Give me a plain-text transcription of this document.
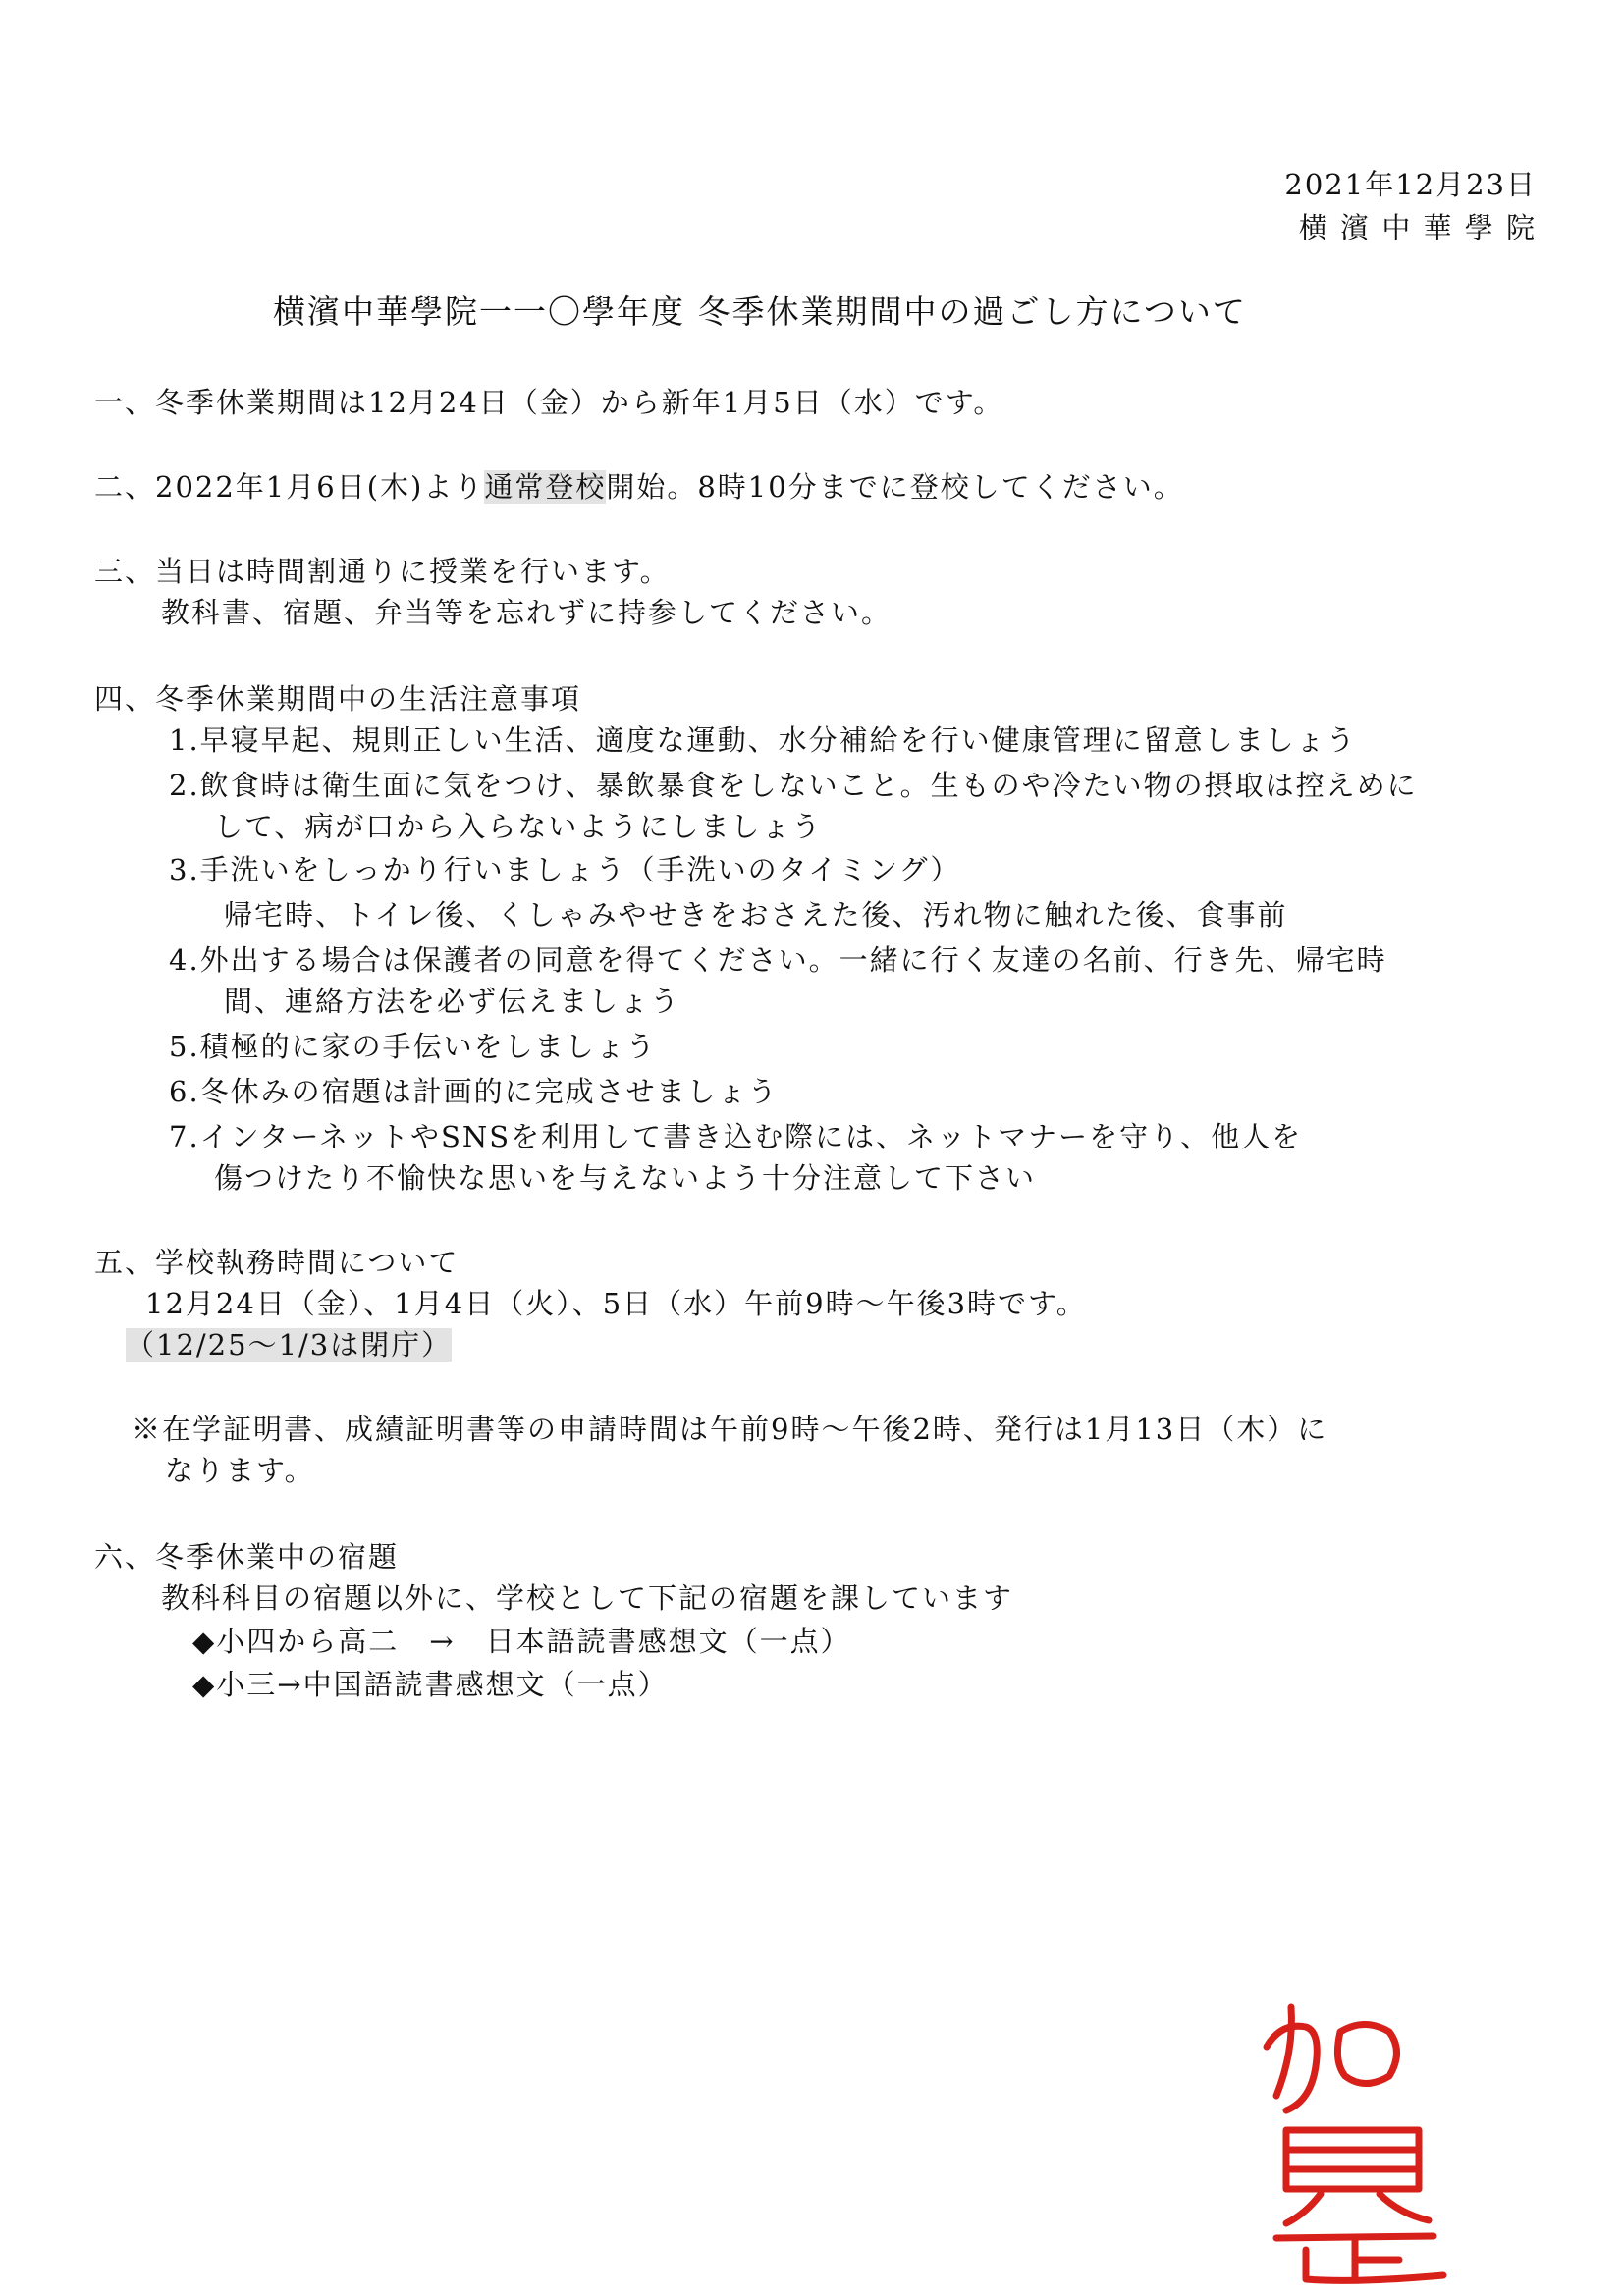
2021年12月23日
横 濱 中 華 學 院
横濱中華學院一一〇學年度 冬季休業期間中の過ごし方について
一、冬季休業期間は12月24日（金）から新年1月5日（水）です。
二、2022年1月6日(木)より通常登校開始。8時10分までに登校してください。
三、当日は時間割通りに授業を行います。
教科書、宿題、弁当等を忘れずに持参してください。
四、冬季休業期間中の生活注意事項
1.早寝早起、規則正しい生活、適度な運動、水分補給を行い健康管理に留意しましょう
2.飲食時は衛生面に気をつけ、暴飲暴食をしないこと。生ものや冷たい物の摂取は控えめに
して、病が口から入らないようにしましょう
3.手洗いをしっかり行いましょう（手洗いのタイミング）
帰宅時、トイレ後、くしゃみやせきをおさえた後、汚れ物に触れた後、食事前
4.外出する場合は保護者の同意を得てください。一緒に行く友達の名前、行き先、帰宅時
間、連絡方法を必ず伝えましょう
5.積極的に家の手伝いをしましょう
6.冬休みの宿題は計画的に完成させましょう
7.インターネットやSNSを利用して書き込む際には、ネットマナーを守り、他人を
傷つけたり不愉快な思いを与えないよう十分注意して下さい
五、学校執務時間について
12月24日（金）、1月4日（火）、5日（水）午前9時～午後3時です。
（12/25～1/3は閉庁）
※在学証明書、成績証明書等の申請時間は午前9時～午後2時、発行は1月13日（木）に
なります。
六、冬季休業中の宿題
教科科目の宿題以外に、学校として下記の宿題を課しています
◆小四から高二　→　日本語読書感想文（一点）
◆小三→中国語読書感想文（一点）
